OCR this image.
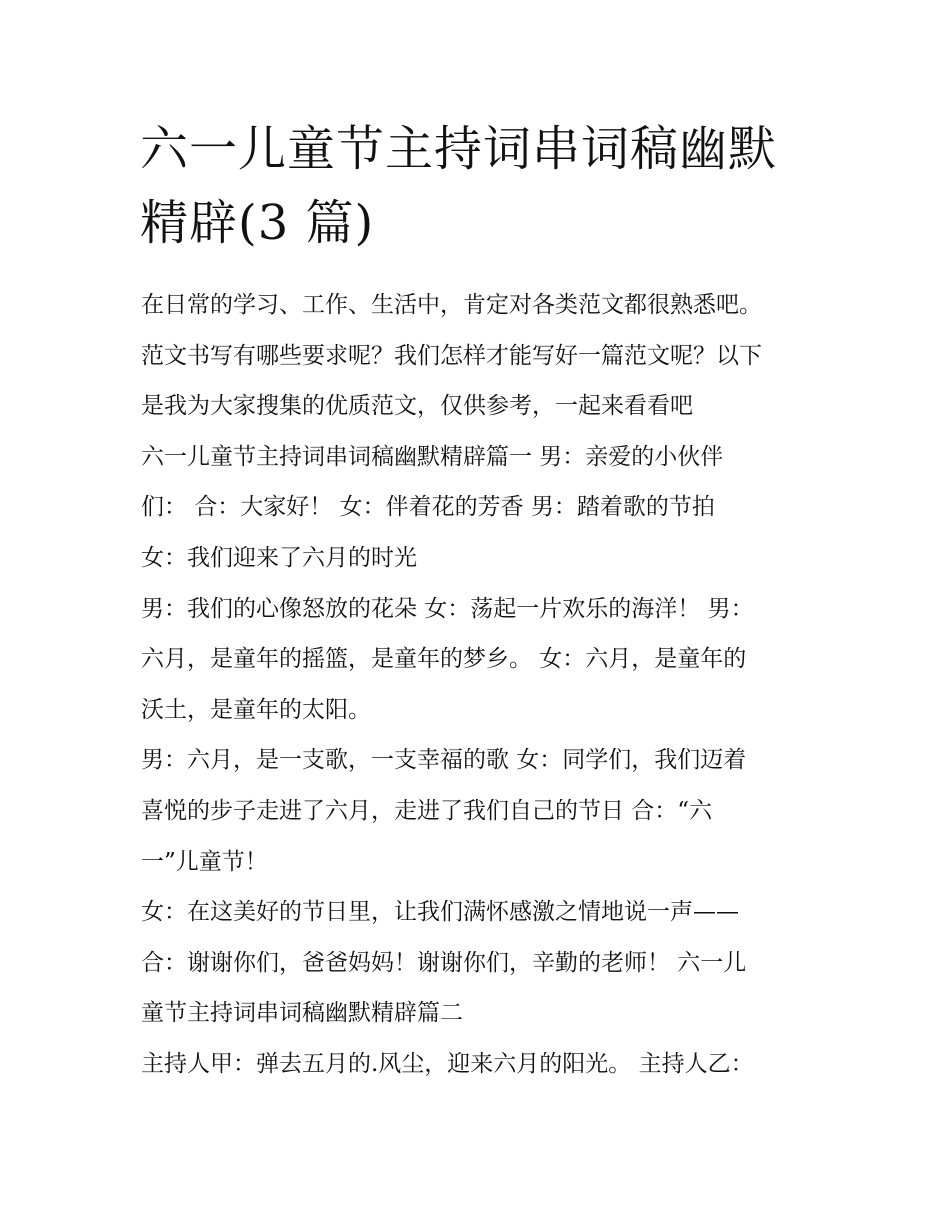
六一儿童节主持词串词稿幽默
精辟(3 篇)
在日常的学习、工作、生活中，肯定对各类范文都很熟悉吧。
范文书写有哪些要求呢？我们怎样才能写好一篇范文呢？以下
是我为大家搜集的优质范文，仅供参考，一起来看看吧
六一儿童节主持词串词稿幽默精辟篇一 男：亲爱的小伙伴
们： 合：大家好！ 女：伴着花的芳香 男：踏着歌的节拍
女：我们迎来了六月的时光
男：我们的心像怒放的花朵 女：荡起一片欢乐的海洋！ 男：
六月，是童年的摇篮，是童年的梦乡。 女：六月，是童年的
沃土，是童年的太阳。
男：六月，是一支歌，一支幸福的歌 女：同学们，我们迈着
喜悦的步子走进了六月，走进了我们自己的节日 合：“六
一”儿童节！
女：在这美好的节日里，让我们满怀感激之情地说一声——
合：谢谢你们，爸爸妈妈！谢谢你们，辛勤的老师！ 六一儿
童节主持词串词稿幽默精辟篇二
主持人甲：弹去五月的.风尘，迎来六月的阳光。 主持人乙：
